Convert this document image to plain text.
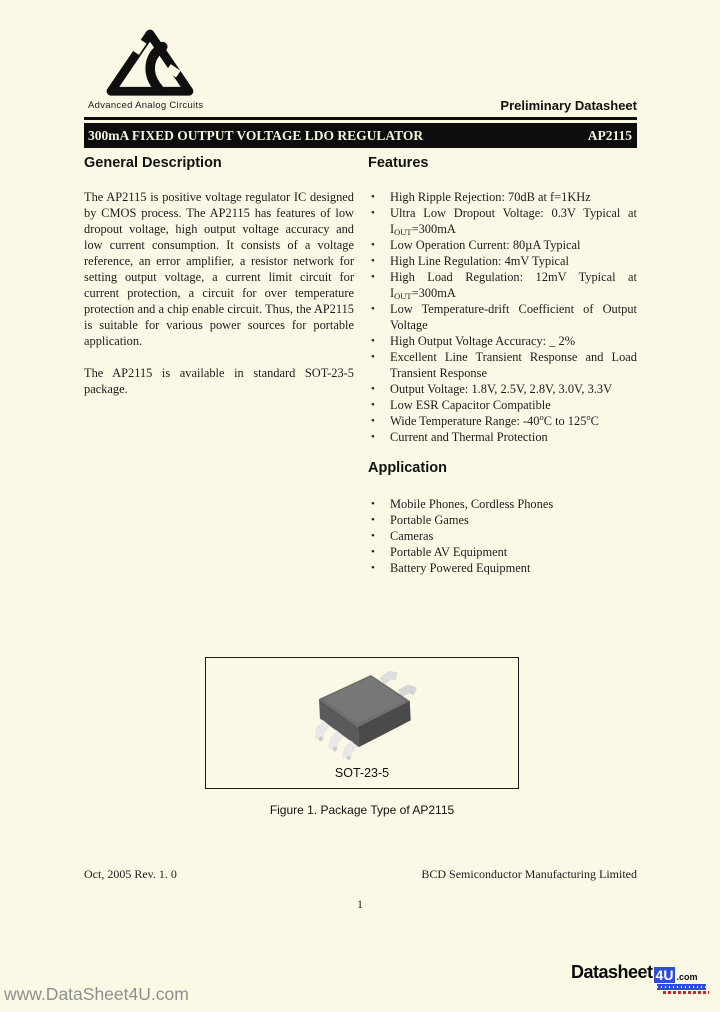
Advanced Analog Circuits	Preliminary Datasheet
300mA FIXED OUTPUT VOLTAGE LDO REGULATOR	AP2115
General Description

The AP2115 is positive voltage regulator IC designed by CMOS process. The AP2115 has features of low dropout voltage, high output voltage accuracy and low current consumption. It consists of a voltage reference, an error amplifier, a resistor network for setting output voltage, a current limit circuit for current protection, a circuit for over temperature protection and a chip enable circuit. Thus, the AP2115 is suitable for various power sources for portable application.

The AP2115 is available in standard SOT-23-5 package.

Features
• High Ripple Rejection: 70dB at f=1KHz
• Ultra Low Dropout Voltage: 0.3V Typical at $I_{OUT}=300mA$
• Low Operation Current: 80µA Typical
• High Line Regulation: 4mV Typical
• High Load Regulation: 12mV Typical at $I_{OUT}=300mA$
• Low Temperature-drift Coefficient of Output Voltage
• High Output Voltage Accuracy: _ 2%
• Excellent Line Transient Response and Load Transient Response
• Output Voltage: 1.8V, 2.5V, 2.8V, 3.0V, 3.3V
• Low ESR Capacitor Compatible
• Wide Temperature Range: -40$^o$C to 125$^o$C
• Current and Thermal Protection
Application
• Mobile Phones, Cordless Phones
• Portable Games
• Cameras
• Portable AV Equipment
• Battery Powered Equipment
SOT-23-5
Figure 1. Package Type of AP2115
Oct, 2005 Rev. 1. 0	BCD Semiconductor Manufacturing Limited
1
www.DataSheet4U.com
Datasheet 4U .com
